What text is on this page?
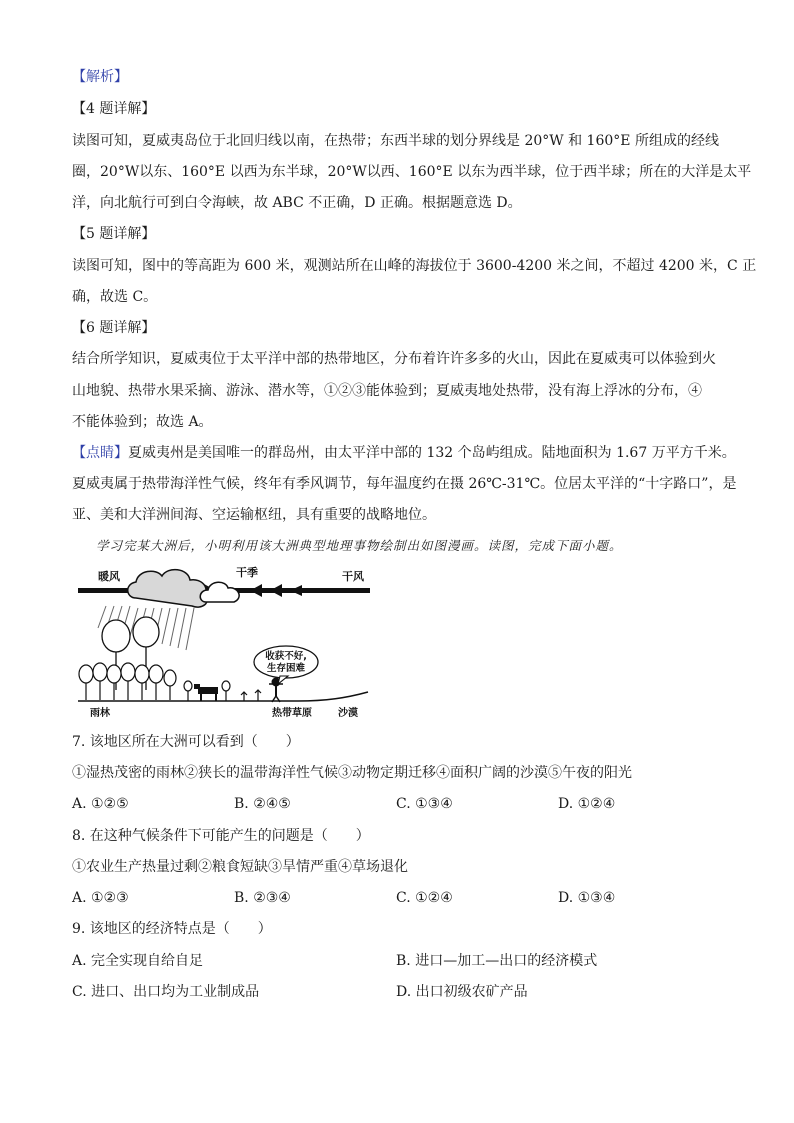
【解析】
【4 题详解】
读图可知，夏威夷岛位于北回归线以南，在热带；东西半球的划分界线是 20°W 和 160°E 所组成的经线
圈，20°W以东、160°E 以西为东半球，20°W以西、160°E 以东为西半球，位于西半球；所在的大洋是太平
洋，向北航行可到白令海峡，故 ABC 不正确，D 正确。根据题意选 D。
【5 题详解】
读图可知，图中的等高距为 600 米，观测站所在山峰的海拔位于 3600-4200 米之间，不超过 4200 米，C 正
确，故选 C。
【6 题详解】
结合所学知识，夏威夷位于太平洋中部的热带地区，分布着许许多多的火山，因此在夏威夷可以体验到火
山地貌、热带水果采摘、游泳、潜水等，①②③能体验到；夏威夷地处热带，没有海上浮冰的分布，④
不能体验到；故选 A。
【点睛】夏威夷州是美国唯一的群岛州，由太平洋中部的 132 个岛屿组成。陆地面积为 1.67 万平方千米。
夏威夷属于热带海洋性气候，终年有季风调节，每年温度约在摄 26℃-31℃。位居太平洋的“十字路口”，是
亚、美和大洋洲间海、空运输枢纽，具有重要的战略地位。
学习完某大洲后，小明利用该大洲典型地理事物绘制出如图漫画。读图，完成下面小题。
收获不好,
生存困难
暖风	干季	干风
雨林	热带草原	沙漠
7. 该地区所在大洲可以看到（　　）
①湿热茂密的雨林②狭长的温带海洋性气候③动物定期迁移④面积广阔的沙漠⑤午夜的阳光
A. ①②⑤	B. ②④⑤	C. ①③④	D. ①②④
8. 在这种气候条件下可能产生的问题是（　　）
①农业生产热量过剩②粮食短缺③旱情严重④草场退化
A. ①②③	B. ②③④	C. ①②④	D. ①③④
9. 该地区的经济特点是（　　）
A. 完全实现自给自足	B. 进口—加工—出口的经济模式
C. 进口、出口均为工业制成品	D. 出口初级农矿产品
